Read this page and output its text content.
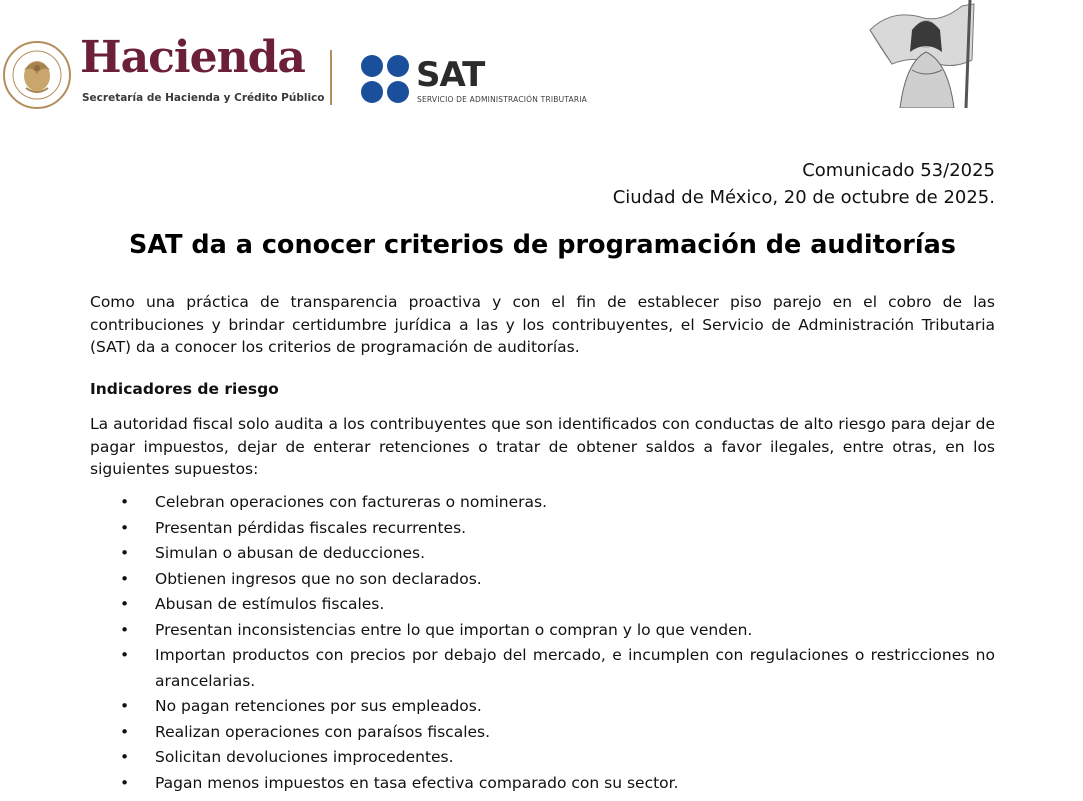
Hacienda
Secretaría de Hacienda y Crédito Público
SAT
SERVICIO DE ADMINISTRACIÓN TRIBUTARIA
Comunicado 53/2025
Ciudad de México, 20 de octubre de 2025.
SAT da a conocer criterios de programación de auditorías
Como una práctica de transparencia proactiva y con el fin de establecer piso parejo en el cobro de las contribuciones y brindar certidumbre jurídica a las y los contribuyentes, el Servicio de Administración Tributaria (SAT) da a conocer los criterios de programación de auditorías.
Indicadores de riesgo
La autoridad fiscal solo audita a los contribuyentes que son identificados con conductas de alto riesgo para dejar de pagar impuestos, dejar de enterar retenciones o tratar de obtener saldos a favor ilegales, entre otras, en los siguientes supuestos:
• Celebran operaciones con factureras o nomineras.
• Presentan pérdidas fiscales recurrentes.
• Simulan o abusan de deducciones.
• Obtienen ingresos que no son declarados.
• Abusan de estímulos fiscales.
• Presentan inconsistencias entre lo que importan o compran y lo que venden.
• Importan productos con precios por debajo del mercado, e incumplen con regulaciones o restricciones no arancelarias.
• No pagan retenciones por sus empleados.
• Realizan operaciones con paraísos fiscales.
• Solicitan devoluciones improcedentes.
• Pagan menos impuestos en tasa efectiva comparado con su sector.
